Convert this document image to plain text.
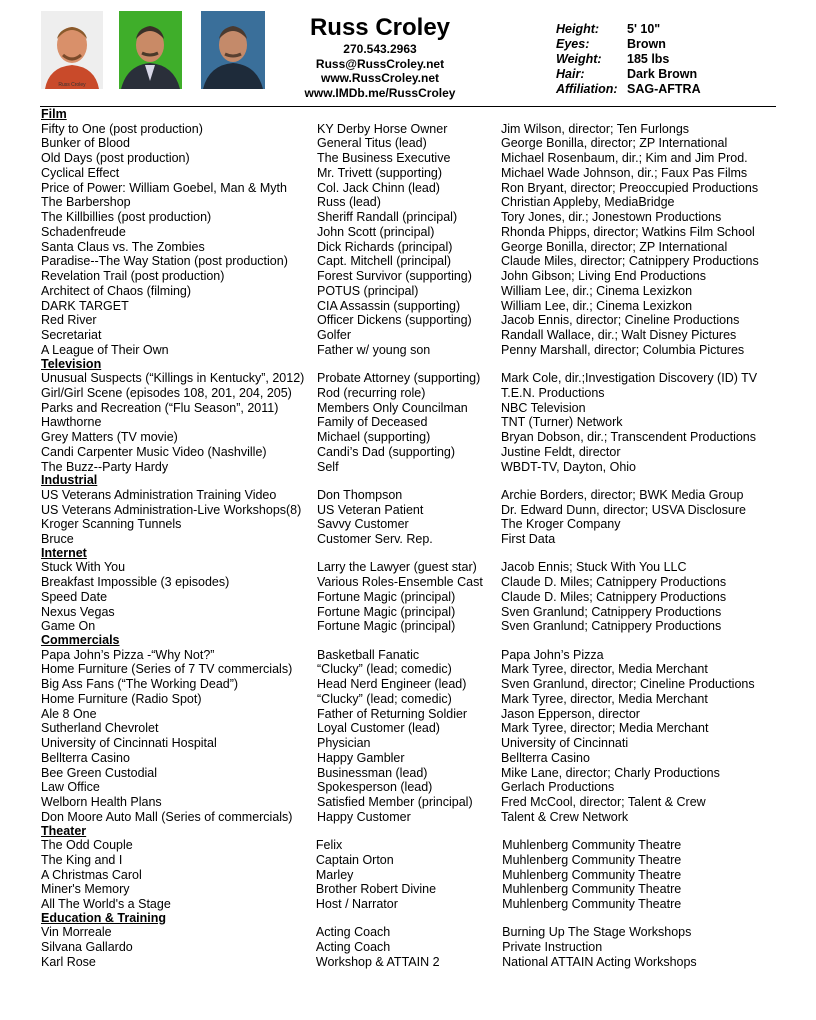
Russ Croley
Russ Croley
270.543.2963
Russ@RussCroley.net
www.RussCroley.net
www.IMDb.me/RussCroley
Height:	5' 10"
Eyes:	Brown
Weight:	185 lbs
Hair:	Dark Brown
Affiliation: SAG-AFTRA
Film
Fifty to One (post production)	KY Derby Horse Owner	Jim Wilson, director; Ten Furlongs
Bunker of Blood	General Titus (lead)	George Bonilla, director; ZP International
Old Days (post production)	The Business Executive	Michael Rosenbaum, dir.; Kim and Jim Prod.
Cyclical Effect	Mr. Trivett (supporting)	Michael Wade Johnson, dir.; Faux Pas Films
Price of Power: William Goebel, Man & Myth	Col. Jack Chinn (lead)	Ron Bryant, director; Preoccupied Productions
The Barbershop	Russ (lead)	Christian Appleby, MediaBridge
The Killbillies (post production)	Sheriff Randall (principal)	Tory Jones, dir.; Jonestown Productions
Schadenfreude	John Scott (principal)	Rhonda Phipps, director; Watkins Film School
Santa Claus vs. The Zombies	Dick Richards (principal)	George Bonilla, director; ZP International
Paradise--The Way Station (post production)	Capt. Mitchell (principal)	Claude Miles, director; Catnippery Productions
Revelation Trail (post production)	Forest Survivor (supporting)	John Gibson; Living End Productions
Architect of Chaos (filming)	POTUS (principal)	William Lee, dir.; Cinema Lexizkon
DARK TARGET	CIA Assassin (supporting)	William Lee, dir.; Cinema Lexizkon
Red River	Officer Dickens (supporting)	Jacob Ennis, director; Cineline Productions
Secretariat	Golfer	Randall Wallace, dir.; Walt Disney Pictures
A League of Their Own	Father w/ young son	Penny Marshall, director; Columbia Pictures
Television
Unusual Suspects (“Killings in Kentucky”, 2012)	Probate Attorney (supporting)	Mark Cole, dir.;Investigation Discovery (ID) TV
Girl/Girl Scene (episodes 108, 201, 204, 205)	Rod (recurring role)	T.E.N. Productions
Parks and Recreation (“Flu Season”, 2011)	Members Only Councilman	NBC Television
Hawthorne	Family of Deceased	TNT (Turner) Network
Grey Matters (TV movie)	Michael (supporting)	Bryan Dobson, dir.; Transcendent Productions
Candi Carpenter Music Video (Nashville)	Candi’s Dad (supporting)	Justine Feldt, director
The Buzz--Party Hardy	Self	WBDT-TV, Dayton, Ohio
Industrial
US Veterans Administration Training Video	Don Thompson	Archie Borders, director; BWK Media Group
US Veterans Administration-Live Workshops(8)	US Veteran Patient	Dr. Edward Dunn, director; USVA Disclosure
Kroger Scanning Tunnels	Savvy Customer	The Kroger Company
Bruce	Customer Serv. Rep.	First Data
Internet
Stuck With You	Larry the Lawyer (guest star)	Jacob Ennis; Stuck With You LLC
Breakfast Impossible (3 episodes)	Various Roles-Ensemble Cast	Claude D. Miles; Catnippery Productions
Speed Date	Fortune Magic (principal)	Claude D. Miles; Catnippery Productions
Nexus Vegas	Fortune Magic (principal)	Sven Granlund; Catnippery Productions
Game On	Fortune Magic (principal)	Sven Granlund; Catnippery Productions
Commercials
Papa John’s Pizza -“Why Not?”	Basketball Fanatic	Papa John’s Pizza
Home Furniture (Series of 7 TV commercials)	“Clucky” (lead; comedic)	Mark Tyree, director, Media Merchant
Big Ass Fans (“The Working Dead”)	Head Nerd Engineer (lead)	Sven Granlund, director; Cineline Productions
Home Furniture (Radio Spot)	“Clucky” (lead; comedic)	Mark Tyree, director, Media Merchant
Ale 8 One	Father of Returning Soldier	Jason Epperson, director
Sutherland Chevrolet	Loyal Customer (lead)	Mark Tyree, director; Media Merchant
University of Cincinnati Hospital	Physician	University of Cincinnati
Bellterra Casino	Happy Gambler	Bellterra Casino
Bee Green Custodial	Businessman (lead)	Mike Lane, director; Charly Productions
Law Office	Spokesperson (lead)	Gerlach Productions
Welborn Health Plans	Satisfied Member (principal)	Fred McCool, director; Talent & Crew
Don Moore Auto Mall (Series of commercials)	Happy Customer	Talent & Crew Network
Theater
The Odd Couple	Felix	Muhlenberg Community Theatre
The King and I	Captain Orton	Muhlenberg Community Theatre
A Christmas Carol	Marley	Muhlenberg Community Theatre
Miner's Memory	Brother Robert Divine	Muhlenberg Community Theatre
All The World's a Stage	Host / Narrator	Muhlenberg Community Theatre
Education & Training
Vin Morreale	Acting Coach	Burning Up The Stage Workshops
Silvana Gallardo	Acting Coach	Private Instruction
Karl Rose	Workshop & ATTAIN 2	National ATTAIN Acting Workshops
